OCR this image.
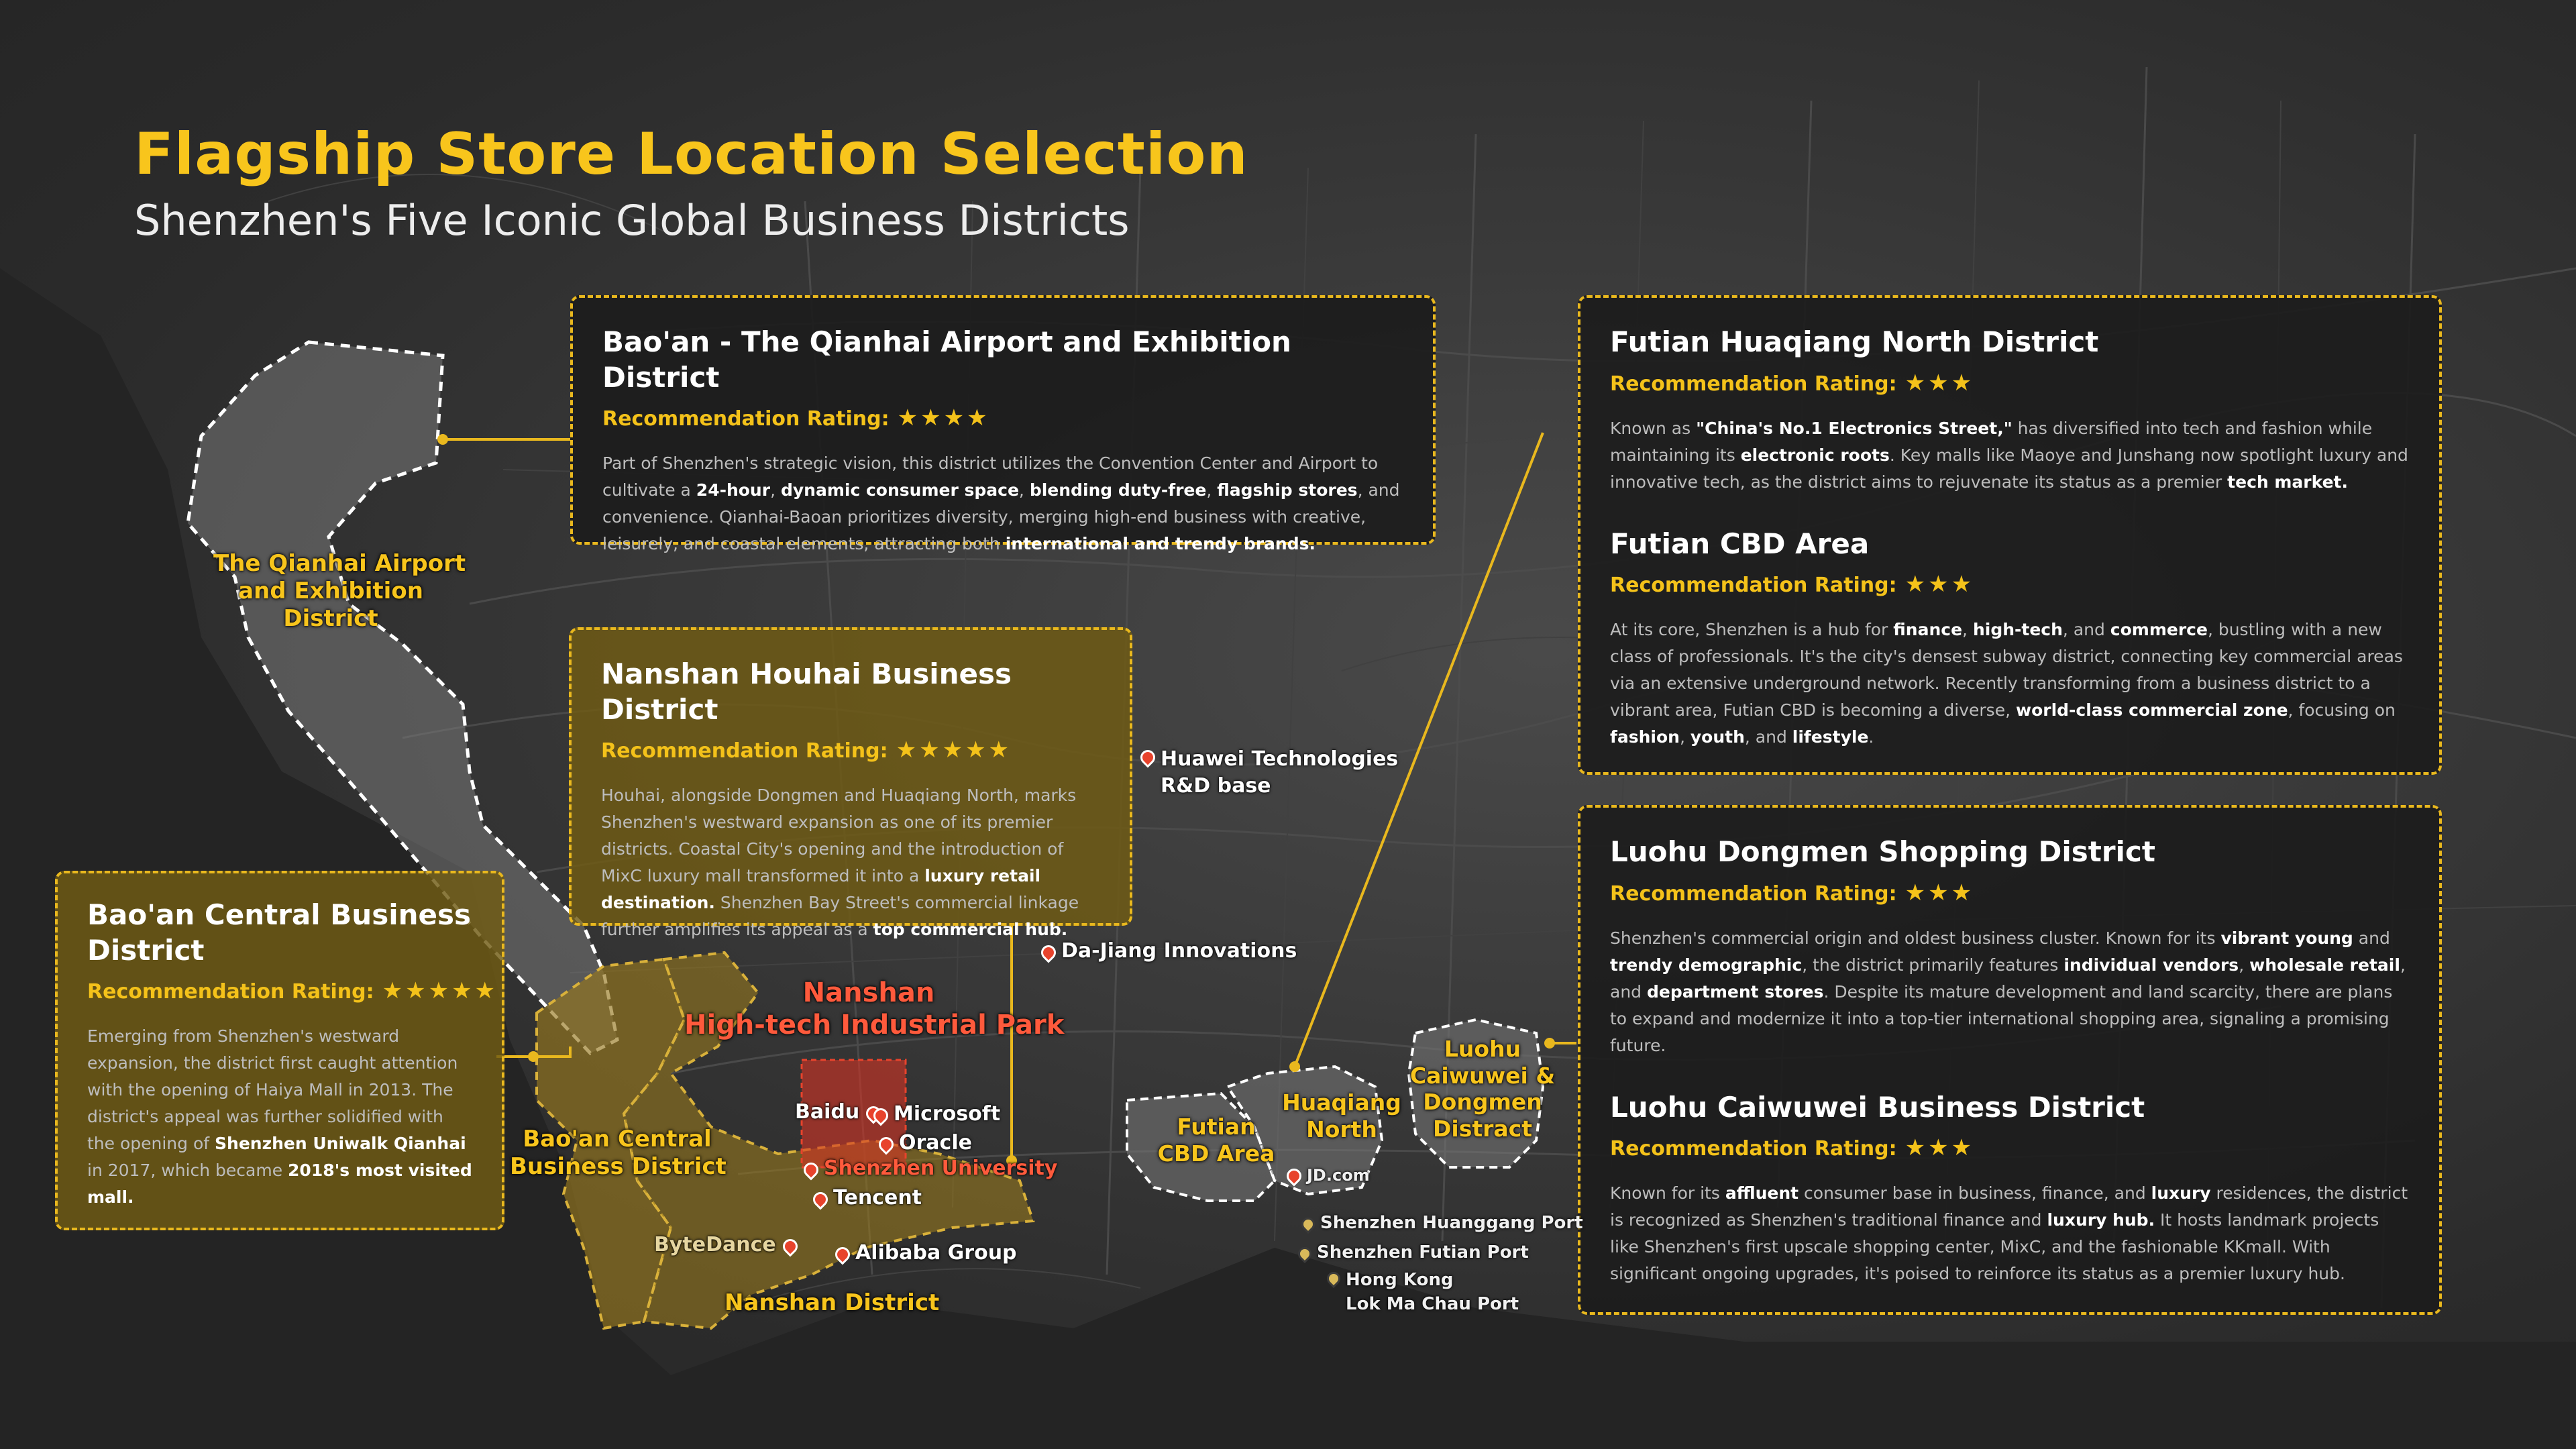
Flagship Store Location Selection
Shenzhen's Five Iconic Global Business Districts
Bao'an - The Qianhai Airport and Exhibition District
Recommendation Rating: ★★★★

Part of Shenzhen's strategic vision, this district utilizes the Convention Center and Airport to cultivate a 24-hour, dynamic consumer space, blending duty-free, flagship stores, and convenience. Qianhai-Baoan prioritizes diversity, merging high-end business with creative, leisurely, and coastal elements, attracting both international and trendy brands.

Nanshan Houhai Business District
Recommendation Rating: ★★★★★

Houhai, alongside Dongmen and Huaqiang North, marks Shenzhen's westward expansion as one of its premier districts. Coastal City's opening and the introduction of MixC luxury mall transformed it into a luxury retail destination. Shenzhen Bay Street's commercial linkage further amplifies its appeal as a top commercial hub.

Bao'an Central Business District
Recommendation Rating: ★★★★★

Emerging from Shenzhen's westward expansion, the district first caught attention with the opening of Haiya Mall in 2013. The district's appeal was further solidified with the opening of Shenzhen Uniwalk Qianhai in 2017, which became 2018's most visited mall.

Futian Huaqiang North District
Recommendation Rating: ★★★

Known as "China's No.1 Electronics Street," has diversified into tech and fashion while maintaining its electronic roots. Key malls like Maoye and Junshang now spotlight luxury and innovative tech, as the district aims to rejuvenate its status as a premier tech market.

Futian CBD Area
Recommendation Rating: ★★★

At its core, Shenzhen is a hub for finance, high-tech, and commerce, bustling with a new class of professionals. It's the city's densest subway district, connecting key commercial areas via an extensive underground network. Recently transforming from a business district to a vibrant area, Futian CBD is becoming a diverse, world-class commercial zone, focusing on fashion, youth, and lifestyle.

Luohu Dongmen Shopping District
Recommendation Rating: ★★★

Shenzhen's commercial origin and oldest business cluster. Known for its vibrant young and trendy demographic, the district primarily features individual vendors, wholesale retail, and department stores. Despite its mature development and land scarcity, there are plans to expand and modernize it into a top-tier international shopping area, signaling a promising future.

Luohu Caiwuwei Business District
Recommendation Rating: ★★★

Known for its affluent consumer base in business, finance, and luxury residences, the district is recognized as Shenzhen's traditional finance and luxury hub. It hosts landmark projects like Shenzhen's first upscale shopping center, MixC, and the fashionable KKmall. With significant ongoing upgrades, it's poised to reinforce its status as a premier luxury hub.

The Qianhai Airport
and Exhibition
District
Bao'an Central
Business District
Nanshan
High-tech Industrial Park
Nanshan District
Futian
CBD Area
Huaqiang
North
Luohu
Caiwuwei &
Dongmen
Distract
Huawei Technologies
R&D base
Da-Jiang Innovations
Baidu	Microsoft
Oracle
Shenzhen University
Tencent
ByteDance	Alibaba Group
JD.com
Shenzhen Huanggang Port
Shenzhen Futian Port
Hong Kong
Lok Ma Chau Port
